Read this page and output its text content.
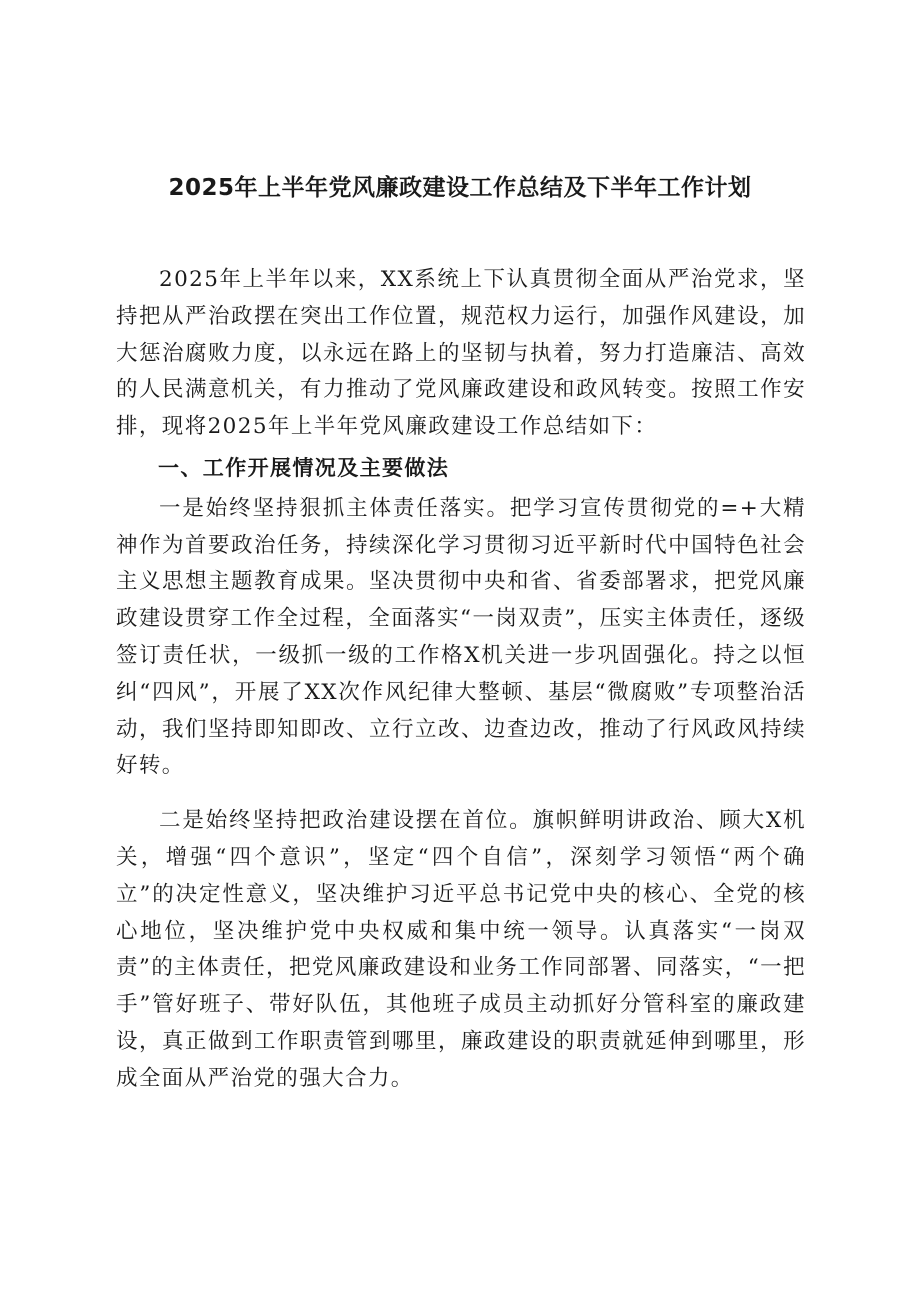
2025年上半年党风廉政建设工作总结及下半年工作计划

2025年上半年以来，XX系统上下认真贯彻全面从严治党求，坚持把从严治政摆在突出工作位置，规范权力运行，加强作风建设，加大惩治腐败力度，以永远在路上的坚韧与执着，努力打造廉洁、高效的人民满意机关，有力推动了党风廉政建设和政风转变。按照工作安排，现将2025年上半年党风廉政建设工作总结如下：

一、工作开展情况及主要做法

一是始终坚持狠抓主体责任落实。把学习宣传贯彻党的=+大精神作为首要政治任务，持续深化学习贯彻习近平新时代中国特色社会主义思想主题教育成果。坚决贯彻中央和省、省委部署求，把党风廉政建设贯穿工作全过程，全面落实“一岗双责”，压实主体责任，逐级签订责任状，一级抓一级的工作格X机关进一步巩固强化。持之以恒纠“四风”，开展了XX次作风纪律大整顿、基层“微腐败”专项整治活动，我们坚持即知即改、立行立改、边查边改，推动了行风政风持续好转。

二是始终坚持把政治建设摆在首位。旗帜鲜明讲政治、顾大X机关，增强“四个意识”，坚定“四个自信”，深刻学习领悟“两个确立”的决定性意义，坚决维护习近平总书记党中央的核心、全党的核心地位，坚决维护党中央权威和集中统一领导。认真落实“一岗双责”的主体责任，把党风廉政建设和业务工作同部署、同落实，“一把手”管好班子、带好队伍，其他班子成员主动抓好分管科室的廉政建设，真正做到工作职责管到哪里，廉政建设的职责就延伸到哪里，形成全面从严治党的强大合力。
